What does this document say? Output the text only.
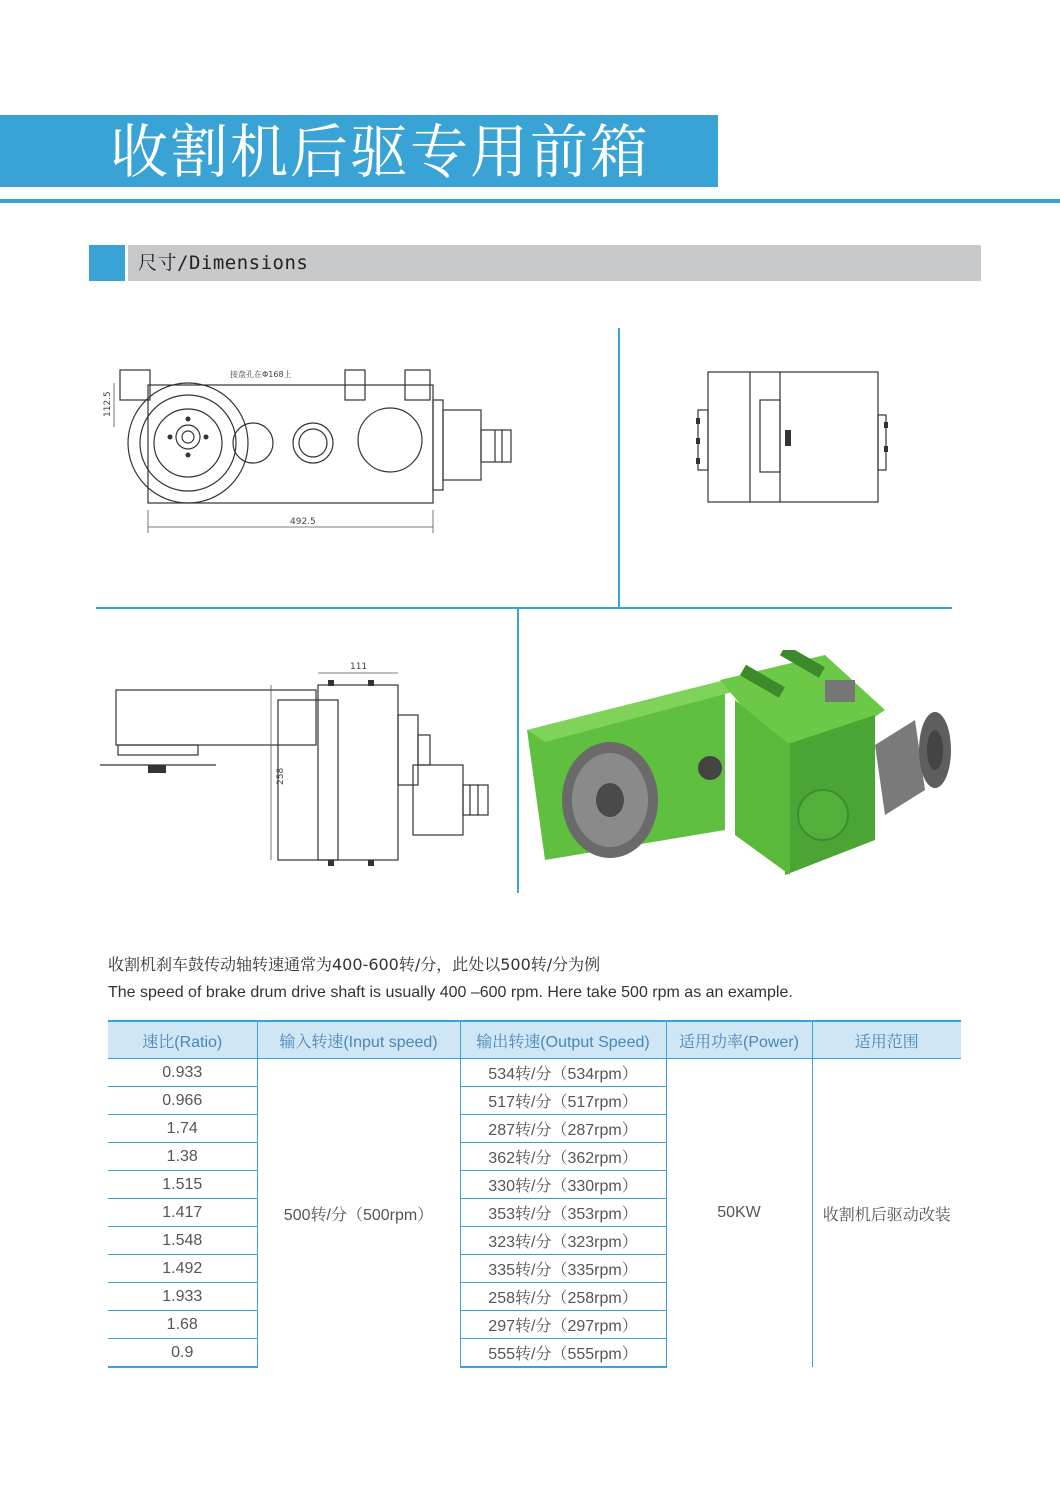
收割机后驱专用前箱
尺寸/Dimensions
492.5
112.5
接盘孔在Φ168上
111
258
收割机刹车鼓传动轴转速通常为400-600转/分，此处以500转/分为例
The speed of brake drum drive shaft is usually 400 –600 rpm. Here take 500 rpm as an example.
速比(Ratio)	输入转速(Input speed)	输出转速(Output Speed)	适用功率(Power)	适用范围
0.933	500转/分（500rpm）	534转/分（534rpm）	50KW	收割机后驱动改装
0.966		517转/分（517rpm）		
1.74		287转/分（287rpm）		
1.38		362转/分（362rpm）		
1.515		330转/分（330rpm）		
1.417		353转/分（353rpm）		
1.548		323转/分（323rpm）		
1.492		335转/分（335rpm）		
1.933		258转/分（258rpm）		
1.68		297转/分（297rpm）		
0.9		555转/分（555rpm）		
